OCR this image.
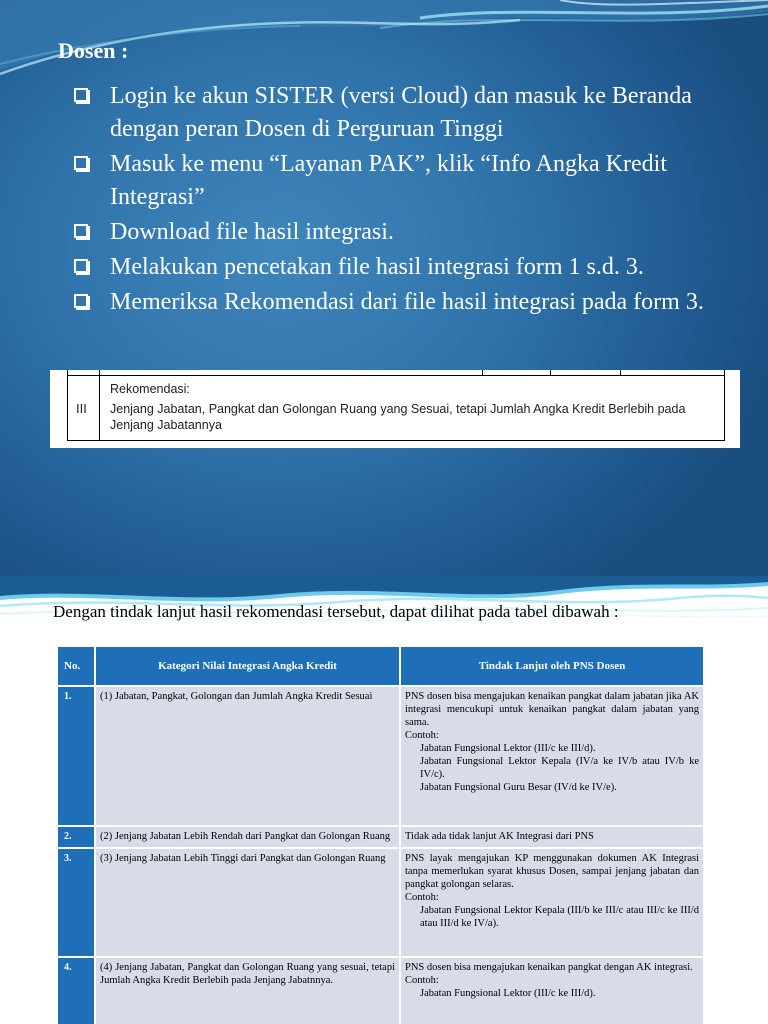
Dosen :
Login ke akun SISTER (versi Cloud) dan masuk ke Beranda dengan peran Dosen di Perguruan Tinggi
Masuk ke menu “Layanan PAK”, klik “Info Angka Kredit Integrasi”
Download file hasil integrasi.
Melakukan pencetakan file hasil integrasi form 1 s.d. 3.
Memeriksa Rekomendasi dari file hasil integrasi pada form 3.
III
Rekomendasi:
Jenjang Jabatan, Pangkat dan Golongan Ruang yang Sesuai, tetapi Jumlah Angka Kredit Berlebih pada Jenjang Jabatannya
Dengan tindak lanjut hasil rekomendasi tersebut, dapat dilihat pada tabel dibawah :
No.	Kategori Nilai Integrasi Angka Kredit	Tindak Lanjut oleh PNS Dosen
1.	(1) Jabatan, Pangkat, Golongan dan Jumlah Angka Kredit Sesuai	PNS dosen bisa mengajukan kenaikan pangkat dalam jabatan jika AK integrasi mencukupi untuk kenaikan pangkat dalam jabatan yang sama.
Contoh:
Jabatan Fungsional Lektor (III/c ke III/d).
Jabatan Fungsional Lektor Kepala (IV/a ke IV/b atau IV/b ke IV/c).
Jabatan Fungsional Guru Besar (IV/d ke IV/e).

2.	(2) Jenjang Jabatan Lebih Rendah dari Pangkat dan Golongan Ruang	Tidak ada tidak lanjut AK Integrasi dari PNS
3.	(3) Jenjang Jabatan Lebih Tinggi dari Pangkat dan Golongan Ruang	PNS layak mengajukan KP menggunakan dokumen AK Integrasi tanpa memerlukan syarat khusus Dosen, sampai jenjang jabatan dan pangkat golongan selaras.
Contoh:
Jabatan Fungsional Lektor Kepala (III/b ke III/c atau III/c ke III/d atau III/d ke IV/a).

4.	(4) Jenjang Jabatan, Pangkat dan Golongan Ruang yang sesuai, tetapi Jumlah Angka Kredit Berlebih pada Jenjang Jabatnnya.	PNS dosen bisa mengajukan kenaikan pangkat dengan AK integrasi.
Contoh:
Jabatan Fungsional Lektor (III/c ke III/d).
